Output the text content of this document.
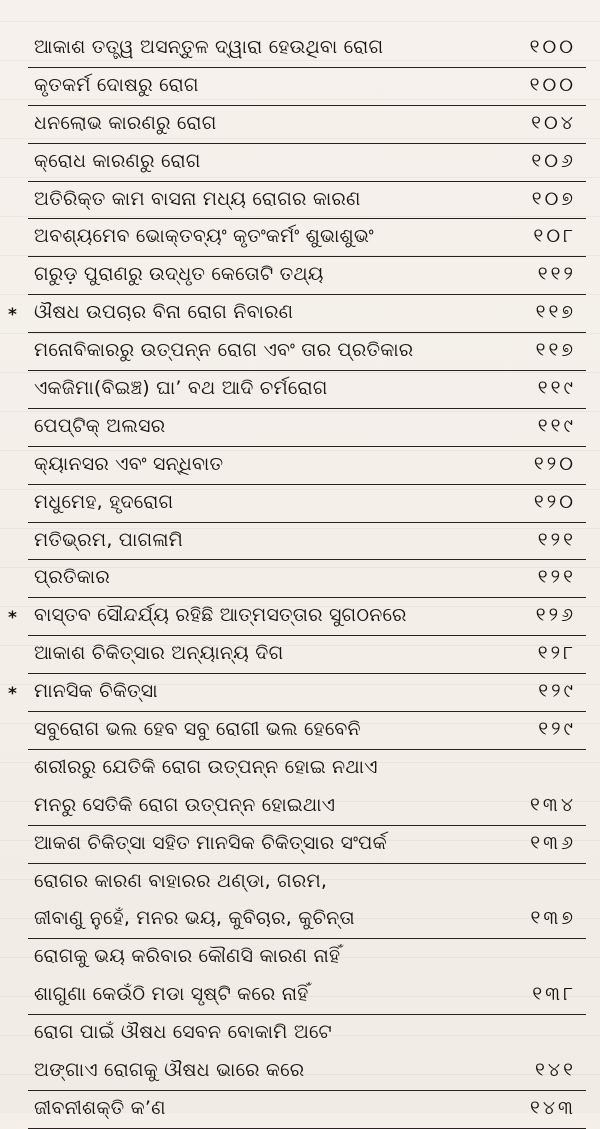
ଆକାଶ ତତ୍ତ୍ୱ ଅସନ୍ତୁଳ ଦ୍ୱାରା ହେଉଥିବା ରୋଗ	୧୦୦
କୃତକର୍ମ ଦୋଷରୁ ରୋଗ	୧୦୦
ଧନଲୋଭ କାରଣରୁ ରୋଗ	୧୦୪
କ୍ରୋଧ କାରଣରୁ ରୋଗ	୧୦୬
ଅତିରିକ୍ତ କାମ ବାସନା ମଧ୍ୟ ରୋଗର କାରଣ	୧୦୭
ଅବଶ୍ୟମେବ ଭୋକ୍ତବ୍ୟଂ କୃତଂକର୍ମଂ ଶୁଭାଶୁଭଂ	୧୦୮
ଗରୁଡ଼ ପୁରାଣରୁ ଉଦ୍ଧୃତ କେତୋଟି ତଥ୍ୟ	୧୧୨
* ଔଷଧ ଉପଚାର ବିନା ରୋଗ ନିବାରଣ	୧୧୭
ମନୋବିକାରରୁ ଉତ୍ପନ୍ନ ରୋଗ ଏବଂ ତାର ପ୍ରତିକାର	୧୧୭
ଏକଜିମା(ବିଇଞ୍ଚ) ଘା’ ବଥ ଆଦି ଚର୍ମରୋଗ	୧୧୯
ପେପ୍ଟିକ୍ ଅଲସର	୧୧୯
କ୍ୟାନସର ଏବଂ ସନ୍ଧିବାତ	୧୨୦
ମଧୁମେହ, ହୃଦରୋଗ	୧୨୦
ମତିଭ୍ରମ, ପାଗଳାମି	୧୨୧
ପ୍ରତିକାର	୧୨୧
* ବାସ୍ତବ ସୌନ୍ଦର୍ଯ୍ୟ ରହିଛି ଆତ୍ମସତ୍ତାର ସୁଗଠନରେ	୧୨୬
ଆକାଶ ଚିକିତ୍ସାର ଅନ୍ୟାନ୍ୟ ଦିଗ	୧୨୮
* ମାନସିକ ଚିକିତ୍ସା	୧୨୯
ସବୁରୋଗ ଭଲ ହେବ ସବୁ ରୋଗୀ ଭଲ ହେବେନି	୧୨୯
ଶରୀରରୁ ଯେତିକି ରୋଗ ଉତ୍ପନ୍ନ ହୋଇ ନଥାଏ
ମନରୁ ସେତିକି ରୋଗ ଉତ୍ପନ୍ନ ହୋଇଥାଏ	୧୩୪
ଆକଶ ଚିକିତ୍ସା ସହିତ ମାନସିକ ଚିକିତ୍ସାର ସଂପର୍କ	୧୩୬
ରୋଗର କାରଣ ବାହାରର ଥଣ୍ଡା, ଗରମ,
ଜୀବାଣୁ ନୁହେଁ, ମନର ଭୟ, କୁବିଚାର, କୁଚିନ୍ତା	୧୩୭
ରୋଗକୁ ଭୟ କରିବାର କୌଣସି କାରଣ ନାହିଁ
ଶାଗୁଣା କେଉଁଠି ମଡା ସୃଷ୍ଟି କରେ ନାହିଁ	୧୩୮
ରୋଗ ପାଇଁ ଔଷଧ ସେବନ ବୋକାମି ଅଟେ
ଅଙ୍ଗାଏ ରୋଗକୁ ଔଷଧ ଭାରେ କରେ	୧୪୧
ଜୀବନୀଶକ୍ତି କ’ଣ	୧୪୩
